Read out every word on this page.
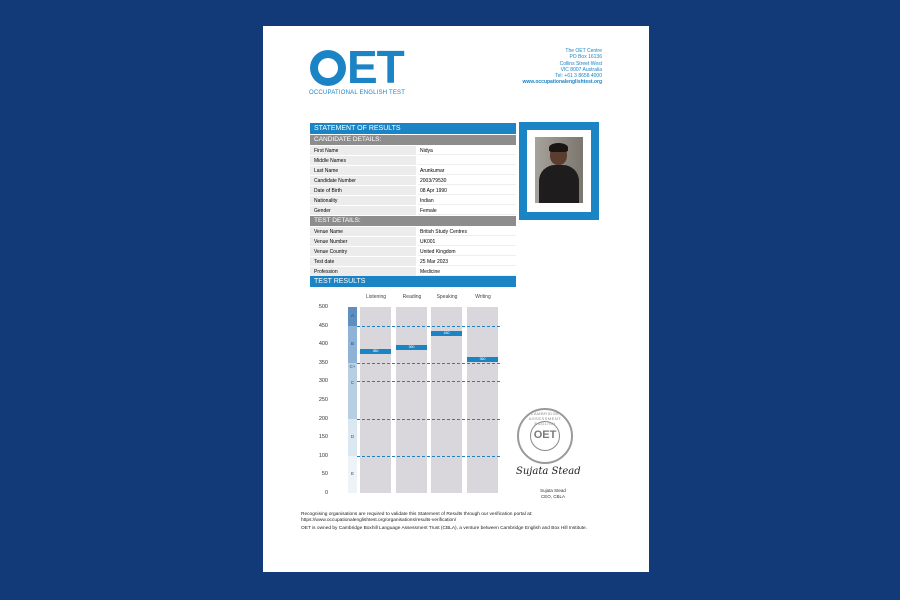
ET
OCCUPATIONAL ENGLISH TEST
The OET Centre
PO Box 16136
Collins Street West
VIC 8007 Australia
Tel: +61 3 8658 4000
www.occupationalenglishtest.org
STATEMENT OF RESULTS
CANDIDATE DETAILS:
First Name	Nidya
Middle Names
Last Name	Arunkumar
Candidate Number	2003/79530
Date of Birth	08 Apr 1990
Nationality	Indian
Gender	Female
TEST DETAILS:
Venue Name	British Study Centres
Venue Number	UK001
Venue Country	United Kingdom
Test date	25 Mar 2023
Profession	Medicine
TEST RESULTS
A
B
C+
C
D
E
500
450
400
350
300
250
200
150
100
50
0
Listening	Reading	Speaking	Writing
380
390
430
360
CAMBRIDGE ASSESSMENT ENGLISH
OET
Sujata Stead
Sujata Stead
CEO, CBLA
Recognising organisations are required to validate this Statement of Results through our verification portal at:
https://www.occupationalenglishtest.org/organisations/results-verification/
OET is owned by Cambridge Boxhill Language Assessment Trust (CBLA), a venture between Cambridge English and Box Hill Institute.
